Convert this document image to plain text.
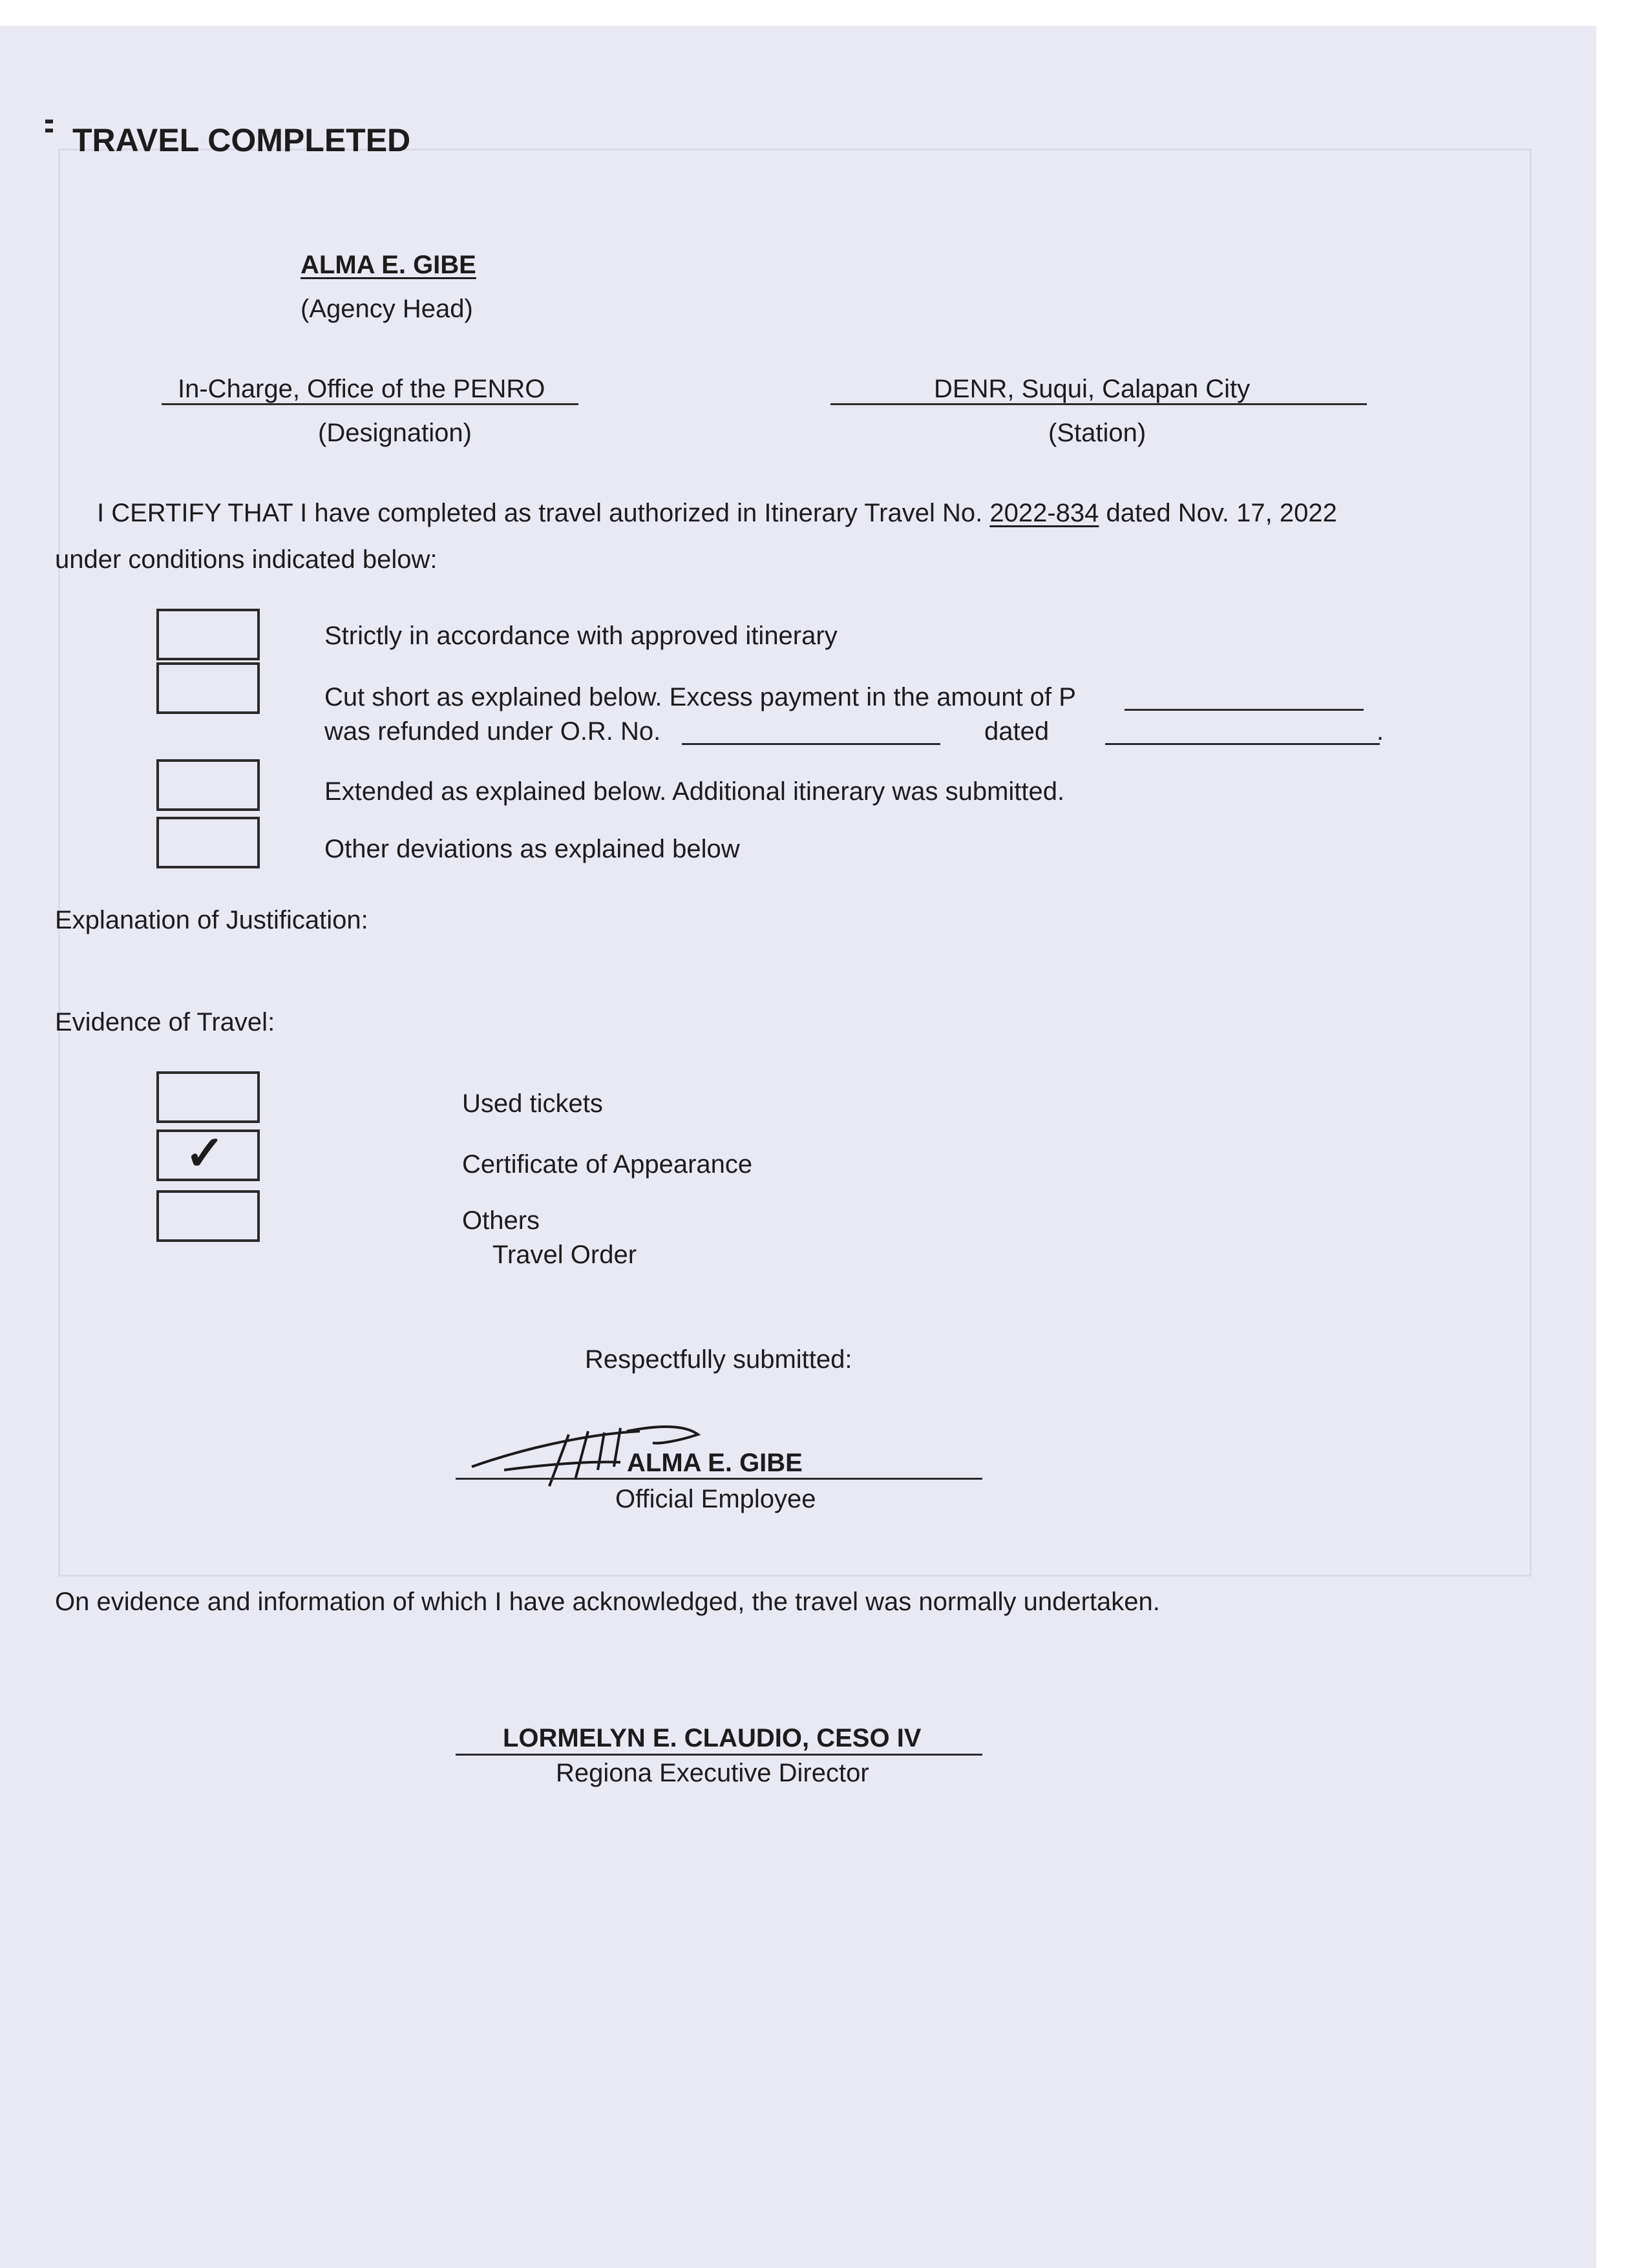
TRAVEL COMPLETED
ALMA E. GIBE
(Agency Head)
In-Charge, Office of the PENRO
(Designation)
DENR, Suqui, Calapan City
(Station)
I CERTIFY THAT I have completed as travel authorized in Itinerary Travel No. 2022-834 dated Nov. 17, 2022
under conditions indicated below:
Strictly in accordance with approved itinerary
Cut short as explained below. Excess payment in the amount of P
was refunded under O.R. No.	dated	.
Extended as explained below. Additional itinerary was submitted.
Other deviations as explained below
Explanation of Justification:
Evidence of Travel:
Used tickets
✓	Certificate of Appearance
Others
Travel Order
Respectfully submitted:
ALMA E. GIBE
Official Employee
On evidence and information of which I have acknowledged, the travel was normally undertaken.
LORMELYN E. CLAUDIO, CESO IV
Regiona Executive Director
